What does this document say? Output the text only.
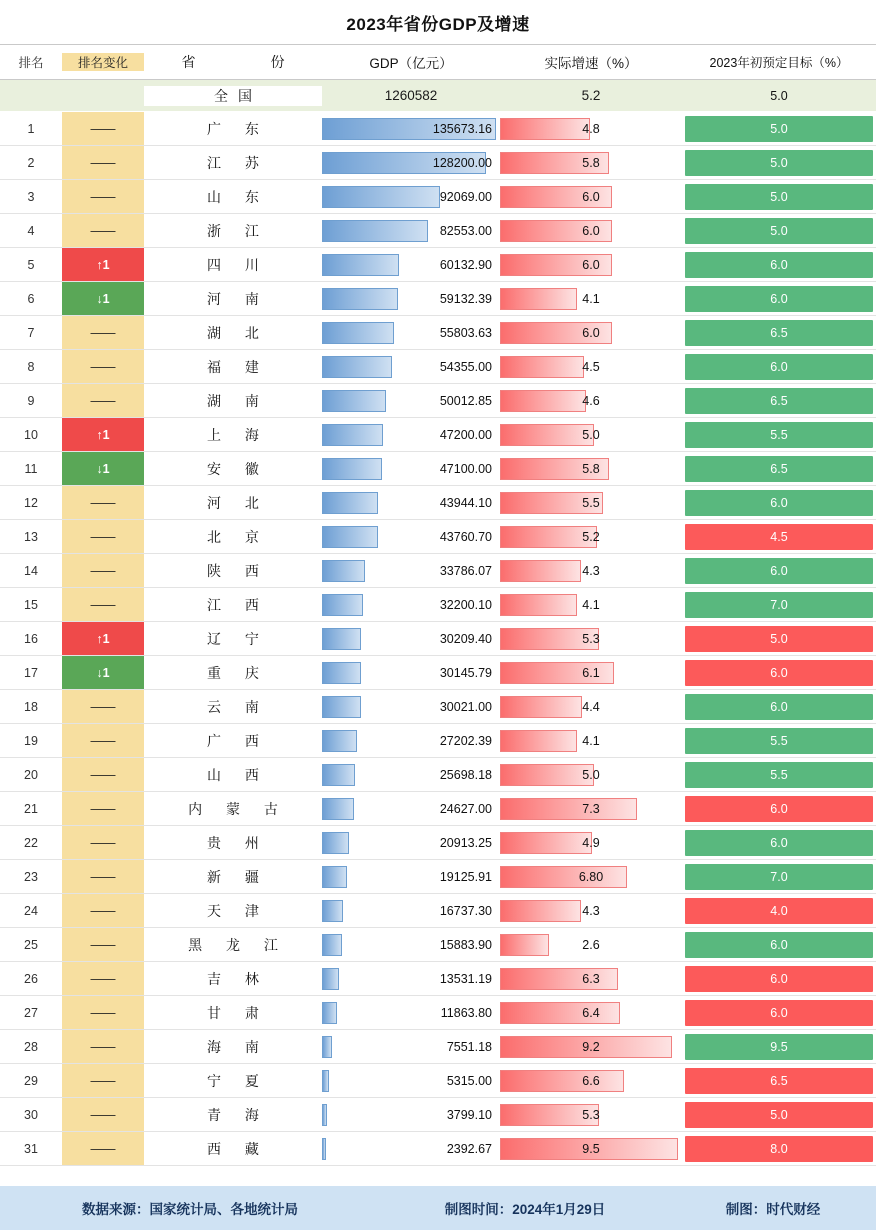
2023年省份GDP及增速
排名	排名变化	省	份	GDP（亿元）	实际增速（%）	2023年初预定目标（%）
全国	1260582	5.2	5.0
1	——	广 东	135673.16	4.8	5.0
2	——	江 苏	128200.00	5.8	5.0
3	——	山 东	92069.00	6.0	5.0
4	——	浙 江	82553.00	6.0	5.0
5	↑1	四 川	60132.90	6.0	6.0
6	↓1	河 南	59132.39	4.1	6.0
7	——	湖 北	55803.63	6.0	6.5
8	——	福 建	54355.00	4.5	6.0
9	——	湖 南	50012.85	4.6	6.5
10	↑1	上 海	47200.00	5.0	5.5
11	↓1	安 徽	47100.00	5.8	6.5
12	——	河 北	43944.10	5.5	6.0
13	——	北 京	43760.70	5.2	4.5
14	——	陕 西	33786.07	4.3	6.0
15	——	江 西	32200.10	4.1	7.0
16	↑1	辽 宁	30209.40	5.3	5.0
17	↓1	重 庆	30145.79	6.1	6.0
18	——	云 南	30021.00	4.4	6.0
19	——	广 西	27202.39	4.1	5.5
20	——	山 西	25698.18	5.0	5.5
21	——	内 蒙 古	24627.00	7.3	6.0
22	——	贵 州	20913.25	4.9	6.0
23	——	新 疆	19125.91	6.80	7.0
24	——	天 津	16737.30	4.3	4.0
25	——	黑 龙 江	15883.90	2.6	6.0
26	——	吉 林	13531.19	6.3	6.0
27	——	甘 肃	11863.80	6.4	6.0
28	——	海 南	7551.18	9.2	9.5
29	——	宁 夏	5315.00	6.6	6.5
30	——	青 海	3799.10	5.3	5.0
31	——	西 藏	2392.67	9.5	8.0
数据来源：国家统计局、各地统计局	制图时间：2024年1月29日	制图：时代财经
